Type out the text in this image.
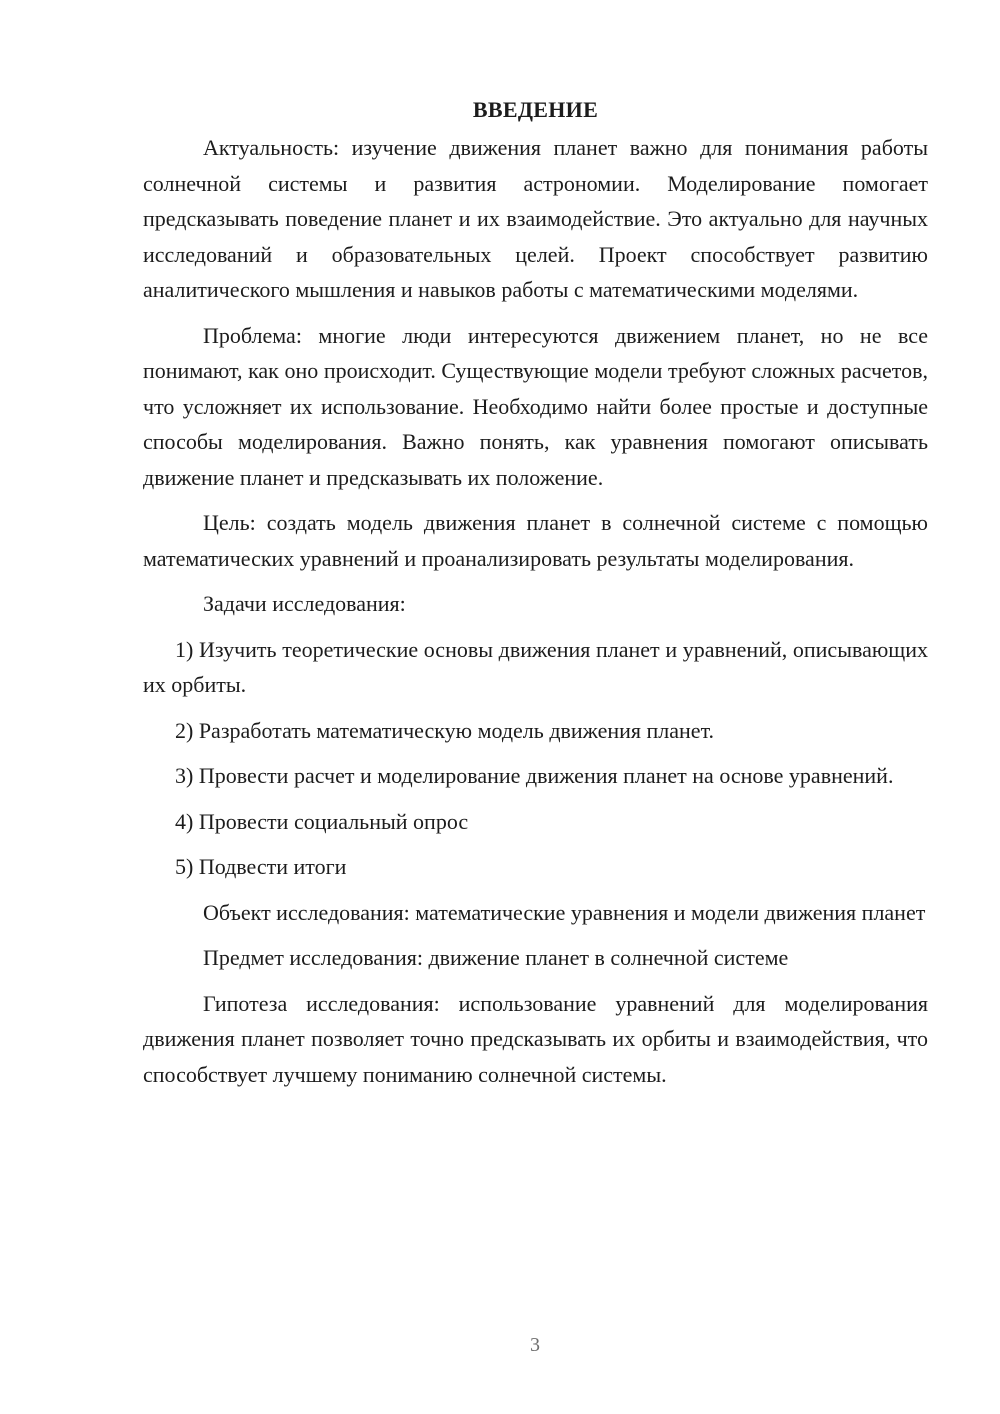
ВВЕДЕНИЕ

Актуальность: изучение движения планет важно для понимания работы солнечной системы и развития астрономии. Моделирование помогает предсказывать поведение планет и их взаимодействие. Это актуально для научных исследований и образовательных целей. Проект способствует развитию аналитического мышления и навыков работы с математическими моделями.

Проблема: многие люди интересуются движением планет, но не все понимают, как оно происходит. Существующие модели требуют сложных расчетов, что усложняет их использование. Необходимо найти более простые и доступные способы моделирования. Важно понять, как уравнения помогают описывать движение планет и предсказывать их положение.

Цель: создать модель движения планет в солнечной системе с помощью математических уравнений и проанализировать результаты моделирования.

Задачи исследования:

1) Изучить теоретические основы движения планет и уравнений, описывающих их орбиты.

2) Разработать математическую модель движения планет.

3) Провести расчет и моделирование движения планет на основе уравнений.

4) Провести социальный опрос

5) Подвести итоги

Объект исследования: математические уравнения и модели движения планет

Предмет исследования: движение планет в солнечной системе

Гипотеза исследования: использование уравнений для моделирования движения планет позволяет точно предсказывать их орбиты и взаимодействия, что способствует лучшему пониманию солнечной системы.

3
